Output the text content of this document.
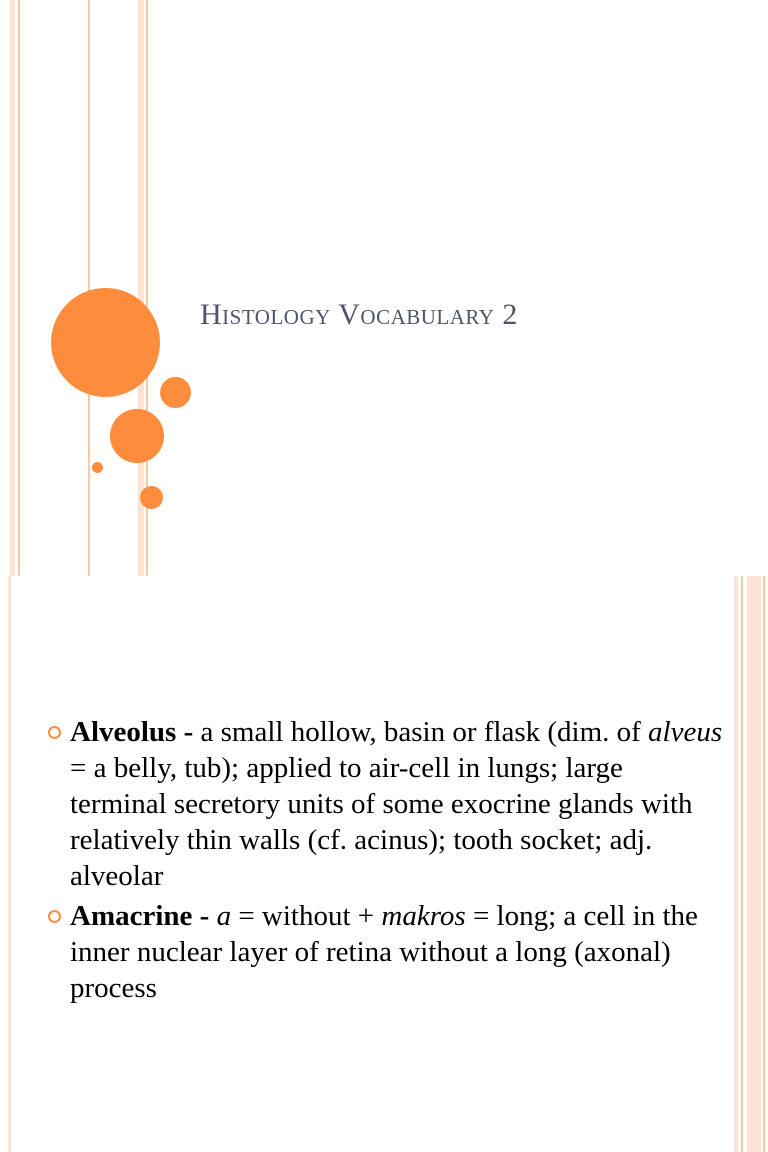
Histology Vocabulary 2
Alveolus - a small hollow, basin or flask (dim. of alveus = a belly, tub); applied to air-cell in lungs; large terminal secretory units of some exocrine glands with relatively thin walls (cf. acinus); tooth socket; adj. alveolar
Amacrine - a = without + makros = long; a cell in the inner nuclear layer of retina without a long (axonal) process
